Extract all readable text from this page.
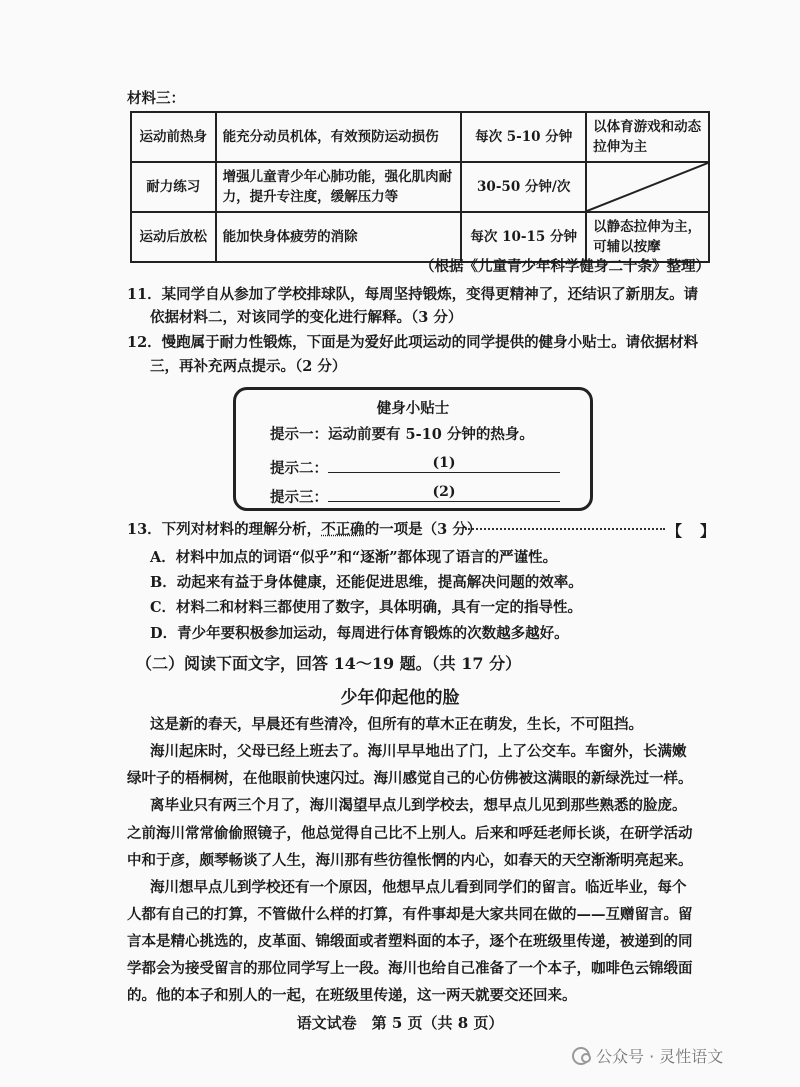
材料三：
运动前热身	能充分动员机体，有效预防运动损伤	每次 5-10 分钟	以体育游戏和动态拉伸为主
耐力练习	增强儿童青少年心肺功能，强化肌肉耐力，提升专注度，缓解压力等	30-50 分钟/次	

运动后放松	能加快身体疲劳的消除	每次 10-15 分钟	以静态拉伸为主，可辅以按摩
（根据《儿童青少年科学健身二十条》整理）
11．某同学自从参加了学校排球队，每周坚持锻炼，变得更精神了，还结识了新朋友。请
依据材料二，对该同学的变化进行解释。（3 分）
12．慢跑属于耐力性锻炼，下面是为爱好此项运动的同学提供的健身小贴士。请依据材料
三，再补充两点提示。（2 分）
健身小贴士
提示一：运动前要有 5-10 分钟的热身。
提示二：	(1)
提示三：	(2)
13．下列对材料的理解分析，不正确的一项是（3 分）	【 】
A．材料中加点的词语“似乎”和“逐渐”都体现了语言的严谨性。
B．动起来有益于身体健康，还能促进思维，提高解决问题的效率。
C．材料二和材料三都使用了数字，具体明确，具有一定的指导性。
D．青少年要积极参加运动，每周进行体育锻炼的次数越多越好。
（二）阅读下面文字，回答 14～19 题。（共 17 分）
少年仰起他的脸
这是新的春天，早晨还有些清冷，但所有的草木正在萌发，生长，不可阻挡。
海川起床时，父母已经上班去了。海川早早地出了门，上了公交车。车窗外，长满嫩
绿叶子的梧桐树，在他眼前快速闪过。海川感觉自己的心仿佛被这满眼的新绿洗过一样。
离毕业只有两三个月了，海川渴望早点儿到学校去，想早点儿见到那些熟悉的脸庞。
之前海川常常偷偷照镜子，他总觉得自己比不上别人。后来和呼廷老师长谈，在研学活动
中和于彦，颇琴畅谈了人生，海川那有些彷徨怅惘的内心，如春天的天空渐渐明亮起来。
海川想早点儿到学校还有一个原因，他想早点儿看到同学们的留言。临近毕业，每个
人都有自己的打算，不管做什么样的打算，有件事却是大家共同在做的——互赠留言。留
言本是精心挑选的，皮革面、锦缎面或者塑料面的本子，逐个在班级里传递，被递到的同
学都会为接受留言的那位同学写上一段。海川也给自己准备了一个本子，咖啡色云锦缎面
的。他的本子和别人的一起，在班级里传递，这一两天就要交还回来。
语文试卷　第 5 页（共 8 页）
公众号 · 灵性语文
